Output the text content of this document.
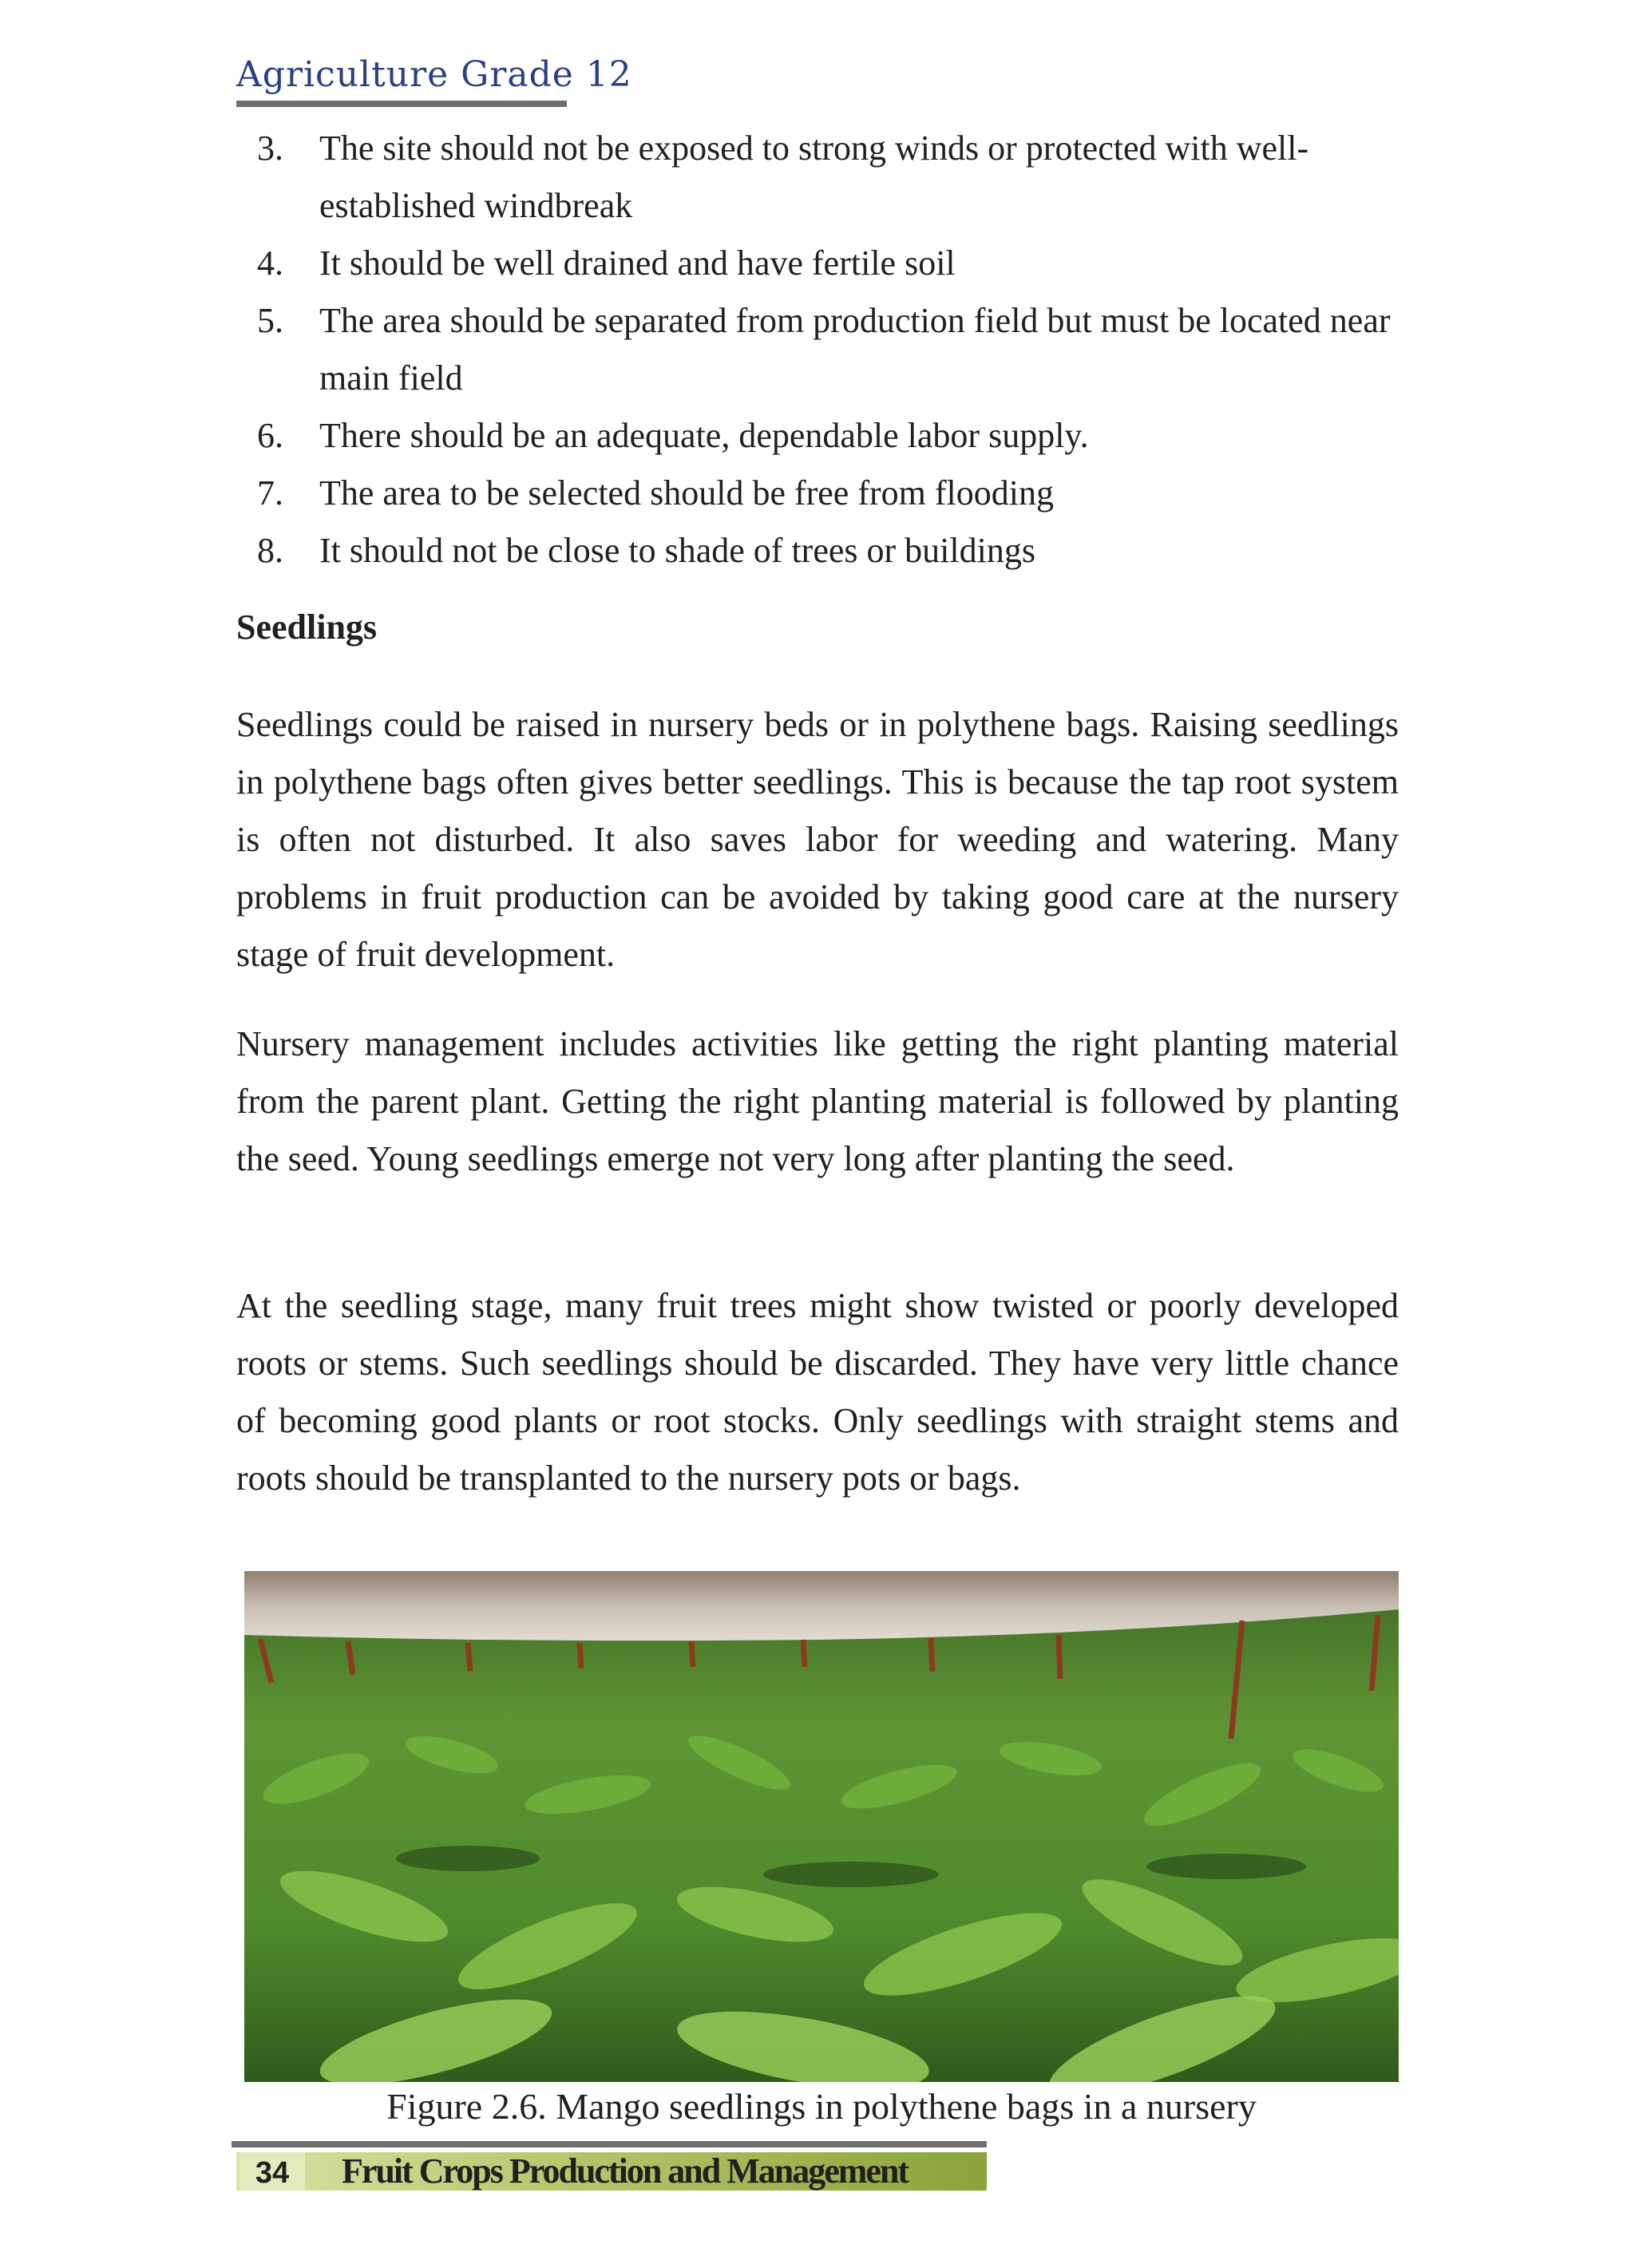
Agriculture Grade 12
3.	The site should not be exposed to strong winds or protected with well-established windbreak
4.	It should be well drained and have fertile soil
5.	The area should be separated from production field but must be located near main field
6.	There should be an adequate, dependable labor supply.
7.	The area to be selected should be free from flooding
8.	It should not be close to shade of trees or buildings
Seedlings

Seedlings could be raised in nursery beds or in polythene bags. Raising seedlings in polythene bags often gives better seedlings. This is because the tap root system is often not disturbed. It also saves labor for weeding and watering. Many problems in fruit production can be avoided by taking good care at the nursery stage of fruit development.

Nursery management includes activities like getting the right planting material from the parent plant. Getting the right planting material is followed by planting the seed. Young seedlings emerge not very long after planting the seed.

At the seedling stage, many fruit trees might show twisted or poorly developed roots or stems. Such seedlings should be discarded. They have very little chance of becoming good plants or root stocks. Only seedlings with straight stems and roots should be transplanted to the nursery pots or bags.

Figure 2.6. Mango seedlings in polythene bags in a nursery
34	Fruit Crops Production and Management
